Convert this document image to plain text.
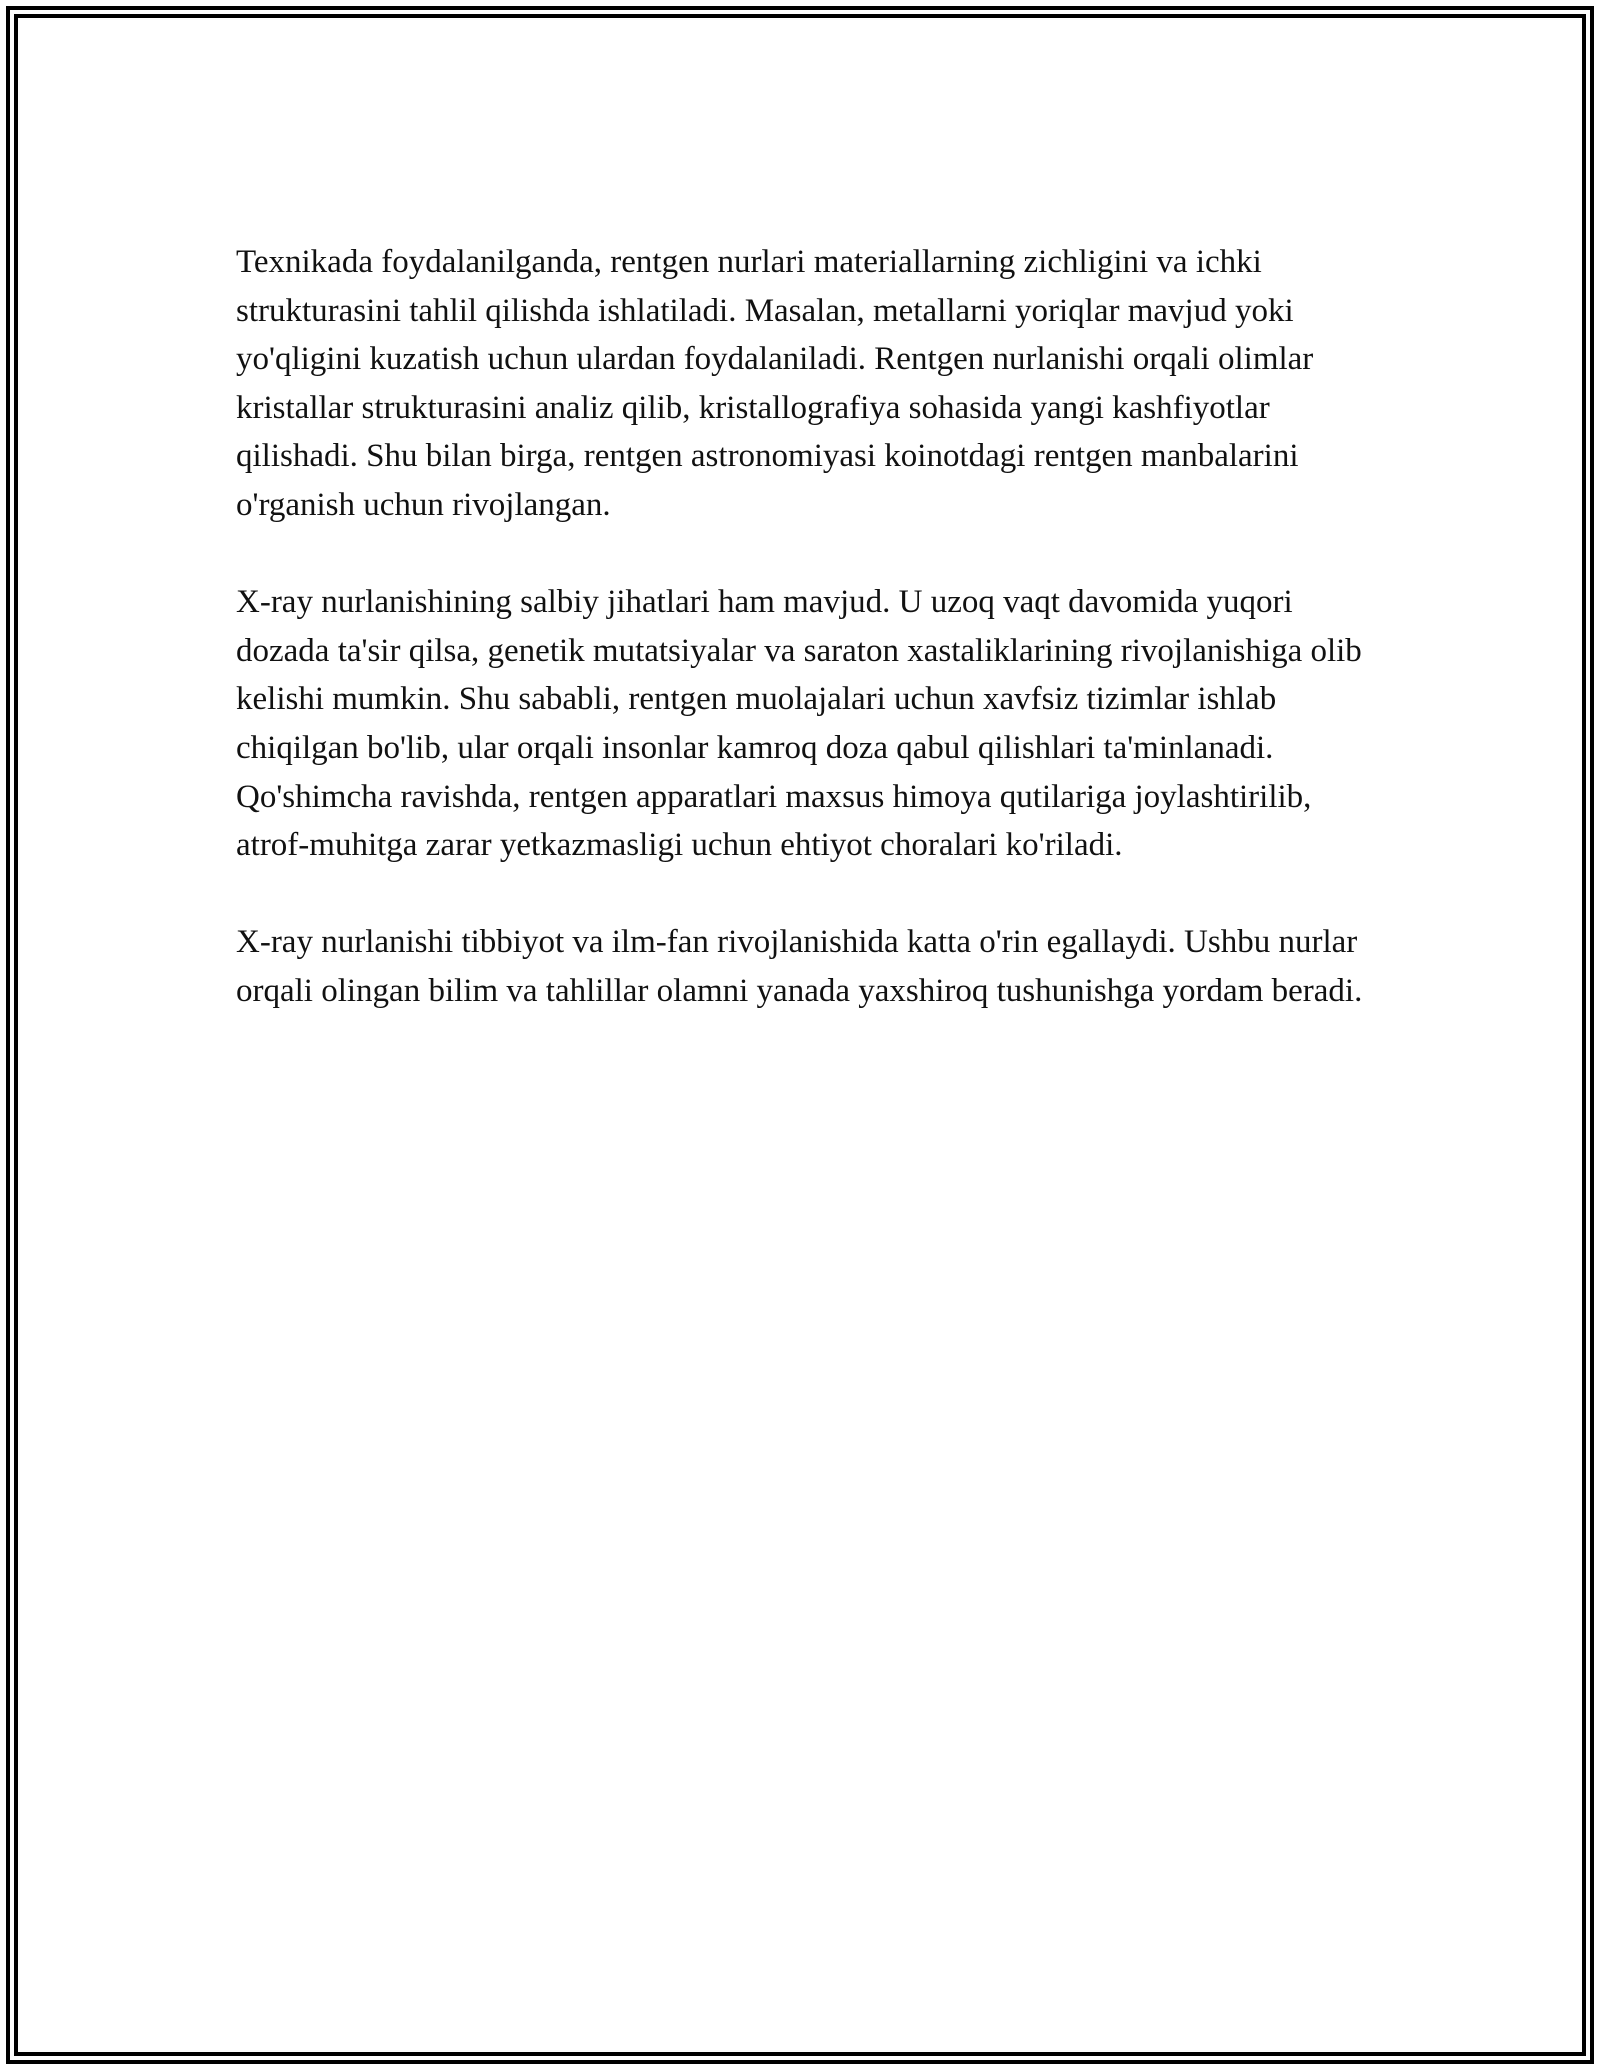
Texnikada foydalanilganda, rentgen nurlari materiallarning zichligini va ichki strukturasini tahlil qilishda ishlatiladi. Masalan, metallarni yoriqlar mavjud yoki yo'qligini kuzatish uchun ulardan foydalaniladi. Rentgen nurlanishi orqali olimlar kristallar strukturasini analiz qilib, kristallografiya sohasida yangi kashfiyotlar qilishadi. Shu bilan birga, rentgen astronomiyasi koinotdagi rentgen manbalarini o'rganish uchun rivojlangan.

X-ray nurlanishining salbiy jihatlari ham mavjud. U uzoq vaqt davomida yuqori dozada ta'sir qilsa, genetik mutatsiyalar va saraton xastaliklarining rivojlanishiga olib kelishi mumkin. Shu sababli, rentgen muolajalari uchun xavfsiz tizimlar ishlab chiqilgan bo'lib, ular orqali insonlar kamroq doza qabul qilishlari ta'minlanadi. Qo'shimcha ravishda, rentgen apparatlari maxsus himoya qutilariga joylashtirilib, atrof-muhitga zarar yetkazmasligi uchun ehtiyot choralari ko'riladi.

X-ray nurlanishi tibbiyot va ilm-fan rivojlanishida katta o'rin egallaydi. Ushbu nurlar orqali olingan bilim va tahlillar olamni yanada yaxshiroq tushunishga yordam beradi.
